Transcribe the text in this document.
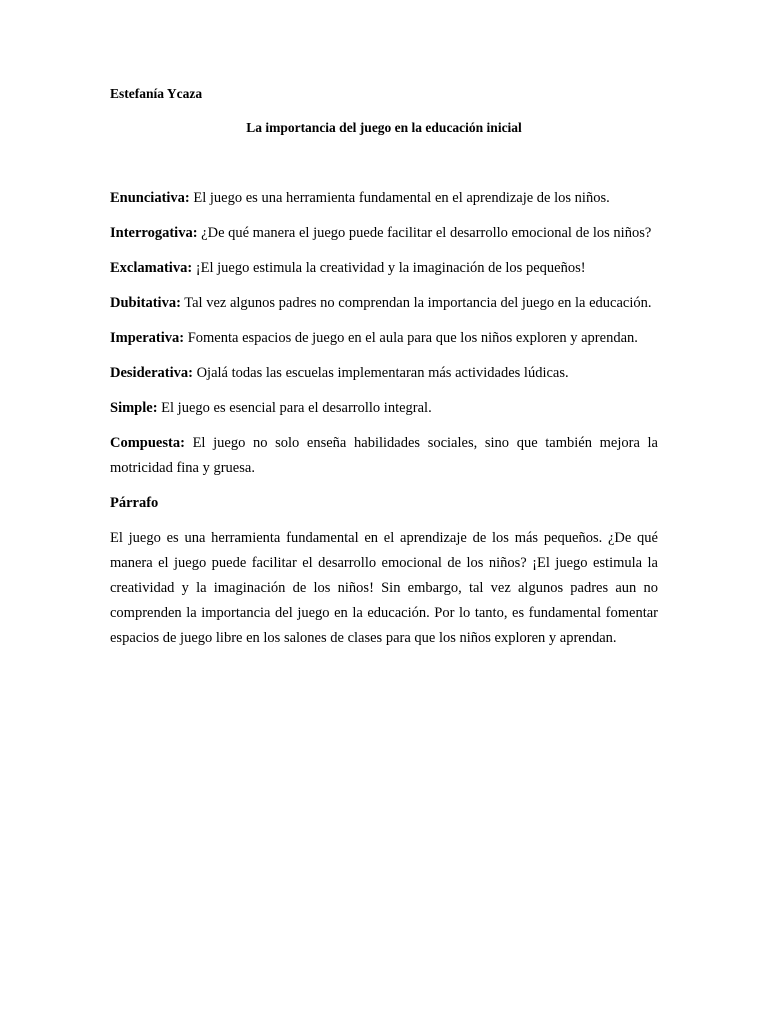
Estefanía Ycaza

La importancia del juego en la educación inicial

Enunciativa: El juego es una herramienta fundamental en el aprendizaje de los niños.

Interrogativa: ¿De qué manera el juego puede facilitar el desarrollo emocional de los niños?

Exclamativa: ¡El juego estimula la creatividad y la imaginación de los pequeños!

Dubitativa: Tal vez algunos padres no comprendan la importancia del juego en la educación.

Imperativa: Fomenta espacios de juego en el aula para que los niños exploren y aprendan.

Desiderativa: Ojalá todas las escuelas implementaran más actividades lúdicas.

Simple: El juego es esencial para el desarrollo integral.

Compuesta: El juego no solo enseña habilidades sociales, sino que también mejora la motricidad fina y gruesa.

Párrafo

El juego es una herramienta fundamental en el aprendizaje de los más pequeños. ¿De qué manera el juego puede facilitar el desarrollo emocional de los niños? ¡El juego estimula la creatividad y la imaginación de los niños! Sin embargo, tal vez algunos padres aun no comprenden la importancia del juego en la educación. Por lo tanto, es fundamental fomentar espacios de juego libre en los salones de clases para que los niños exploren y aprendan.
